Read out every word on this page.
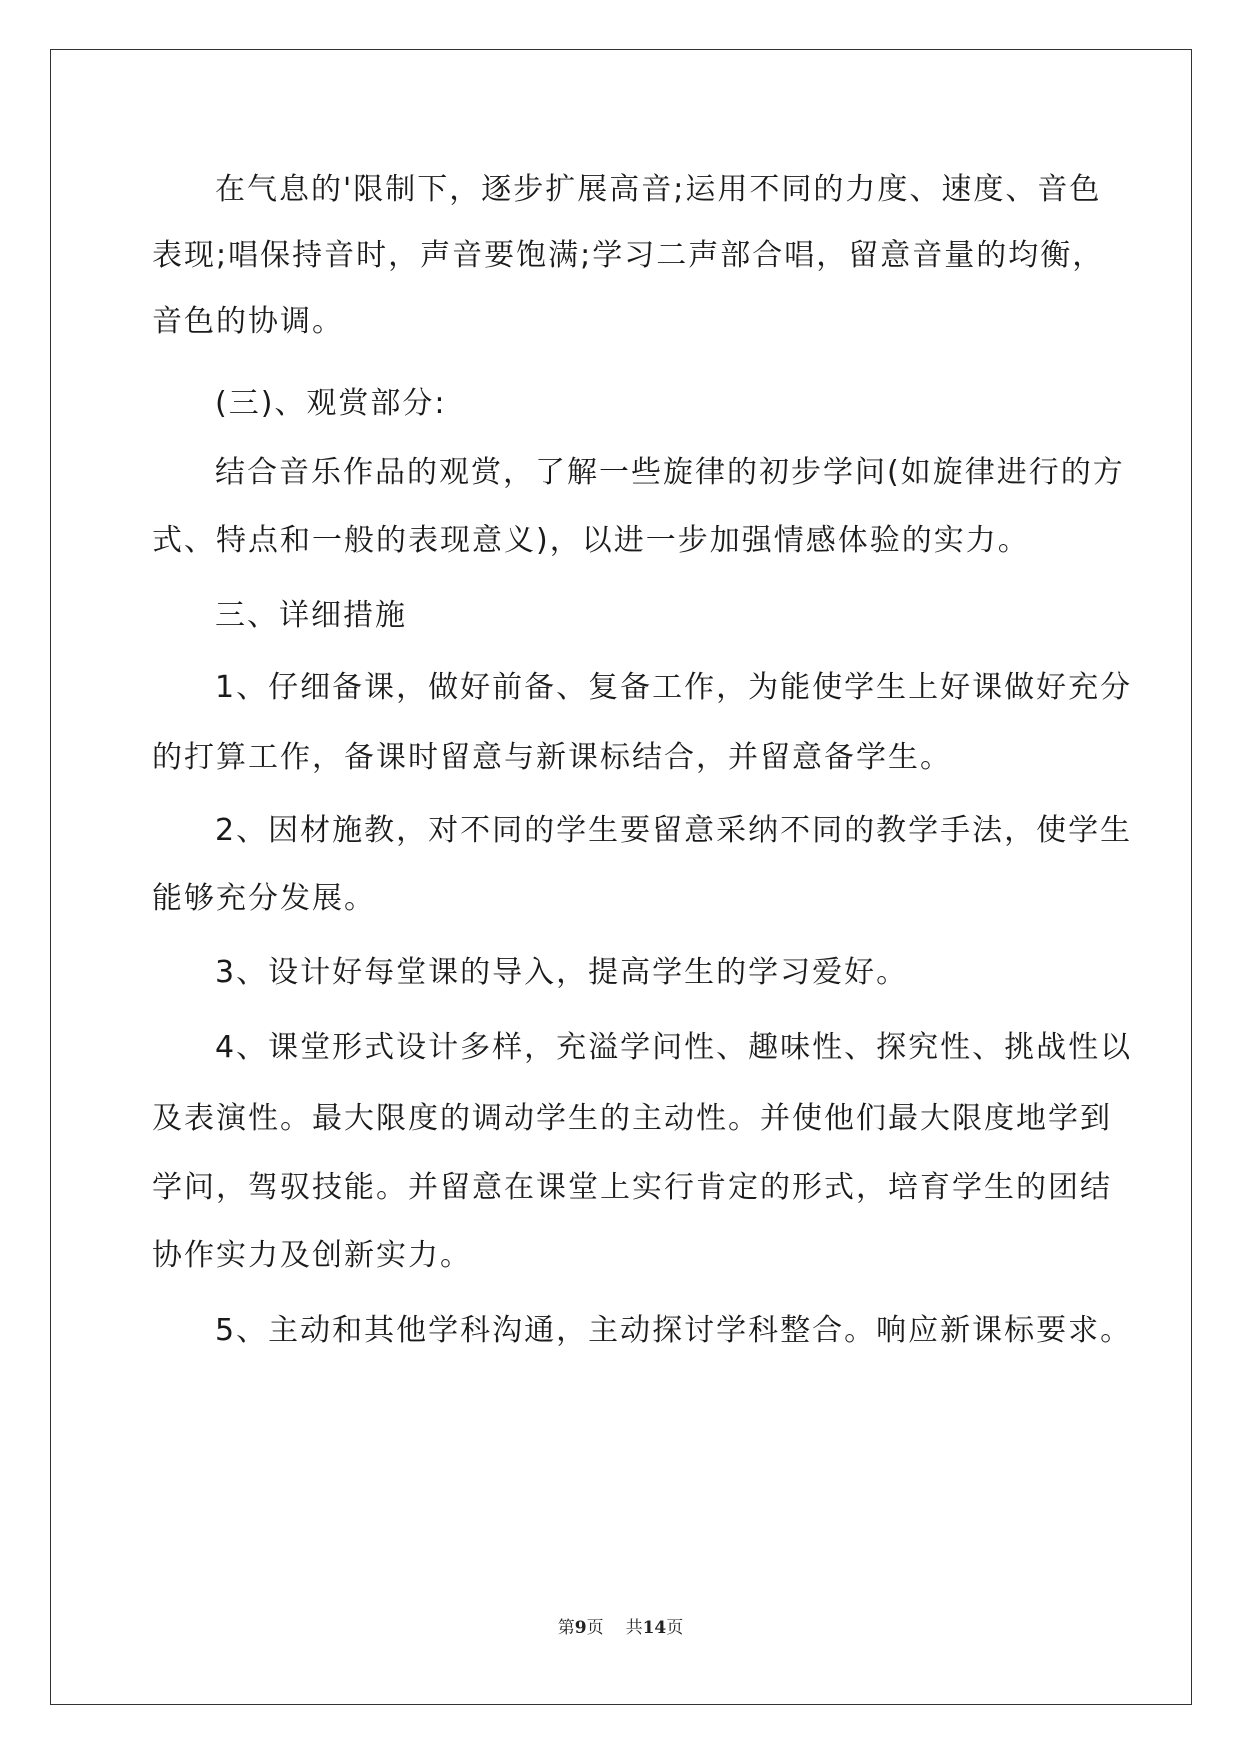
在气息的'限制下，逐步扩展高音;运用不同的力度、速度、音色

表现;唱保持音时，声音要饱满;学习二声部合唱，留意音量的均衡，

音色的协调。

(三)、观赏部分:

结合音乐作品的观赏，了解一些旋律的初步学问(如旋律进行的方

式、特点和一般的表现意义)，以进一步加强情感体验的实力。

三、详细措施

1、仔细备课，做好前备、复备工作，为能使学生上好课做好充分

的打算工作，备课时留意与新课标结合，并留意备学生。

2、因材施教，对不同的学生要留意采纳不同的教学手法，使学生

能够充分发展。

3、设计好每堂课的导入，提高学生的学习爱好。

4、课堂形式设计多样，充溢学问性、趣味性、探究性、挑战性以

及表演性。最大限度的调动学生的主动性。并使他们最大限度地学到

学问，驾驭技能。并留意在课堂上实行肯定的形式，培育学生的团结

协作实力及创新实力。

5、主动和其他学科沟通，主动探讨学科整合。响应新课标要求。

第9页 共14页
